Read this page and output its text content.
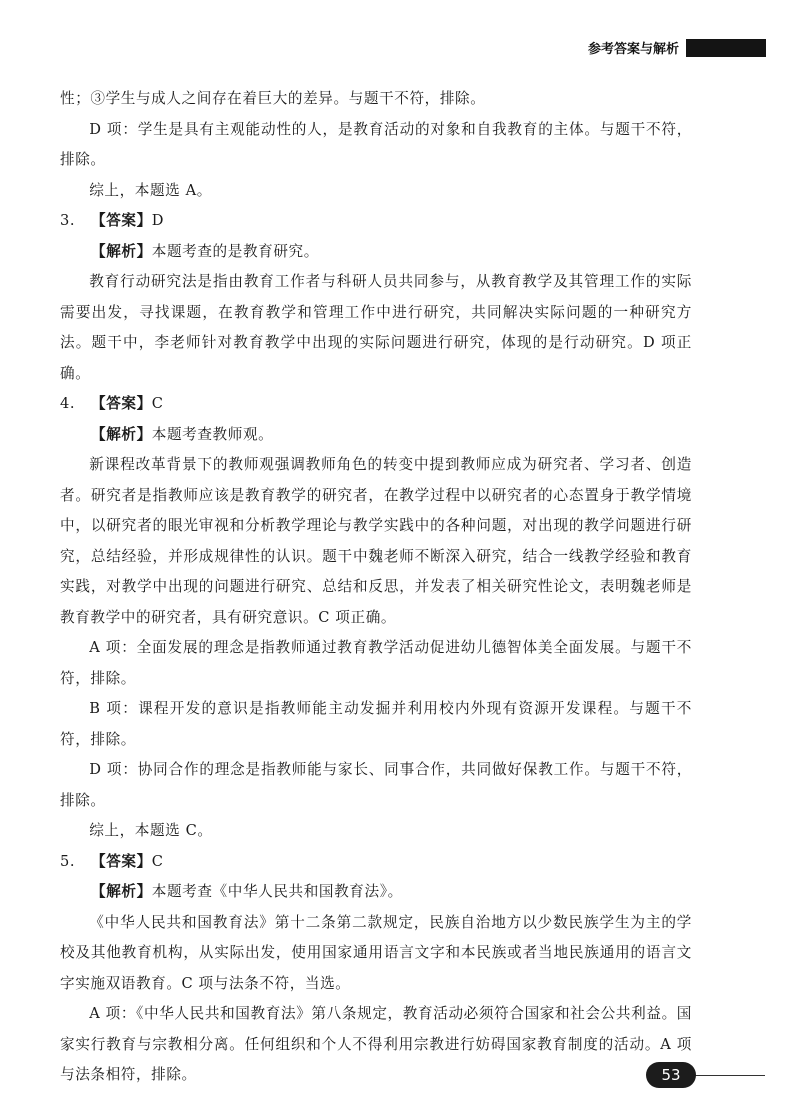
参考答案与解析

性；③学生与成人之间存在着巨大的差异。与题干不符，排除。

D 项：学生是具有主观能动性的人，是教育活动的对象和自我教育的主体。与题干不符，排除。

综上，本题选 A。

3. 【答案】D

【解析】本题考查的是教育研究。

教育行动研究法是指由教育工作者与科研人员共同参与，从教育教学及其管理工作的实际需要出发，寻找课题，在教育教学和管理工作中进行研究，共同解决实际问题的一种研究方法。题干中，李老师针对教育教学中出现的实际问题进行研究，体现的是行动研究。D 项正确。

4. 【答案】C

【解析】本题考查教师观。

新课程改革背景下的教师观强调教师角色的转变中提到教师应成为研究者、学习者、创造者。研究者是指教师应该是教育教学的研究者，在教学过程中以研究者的心态置身于教学情境中，以研究者的眼光审视和分析教学理论与教学实践中的各种问题，对出现的教学问题进行研究，总结经验，并形成规律性的认识。题干中魏老师不断深入研究，结合一线教学经验和教育实践，对教学中出现的问题进行研究、总结和反思，并发表了相关研究性论文，表明魏老师是教育教学中的研究者，具有研究意识。C 项正确。

A 项：全面发展的理念是指教师通过教育教学活动促进幼儿德智体美全面发展。与题干不符，排除。

B 项：课程开发的意识是指教师能主动发掘并利用校内外现有资源开发课程。与题干不符，排除。

D 项：协同合作的理念是指教师能与家长、同事合作，共同做好保教工作。与题干不符，排除。

综上，本题选 C。

5. 【答案】C

【解析】本题考查《中华人民共和国教育法》。

《中华人民共和国教育法》第十二条第二款规定，民族自治地方以少数民族学生为主的学校及其他教育机构，从实际出发，使用国家通用语言文字和本民族或者当地民族通用的语言文字实施双语教育。C 项与法条不符，当选。

A 项：《中华人民共和国教育法》第八条规定，教育活动必须符合国家和社会公共利益。国家实行教育与宗教相分离。任何组织和个人不得利用宗教进行妨碍国家教育制度的活动。A 项与法条相符，排除。	53
